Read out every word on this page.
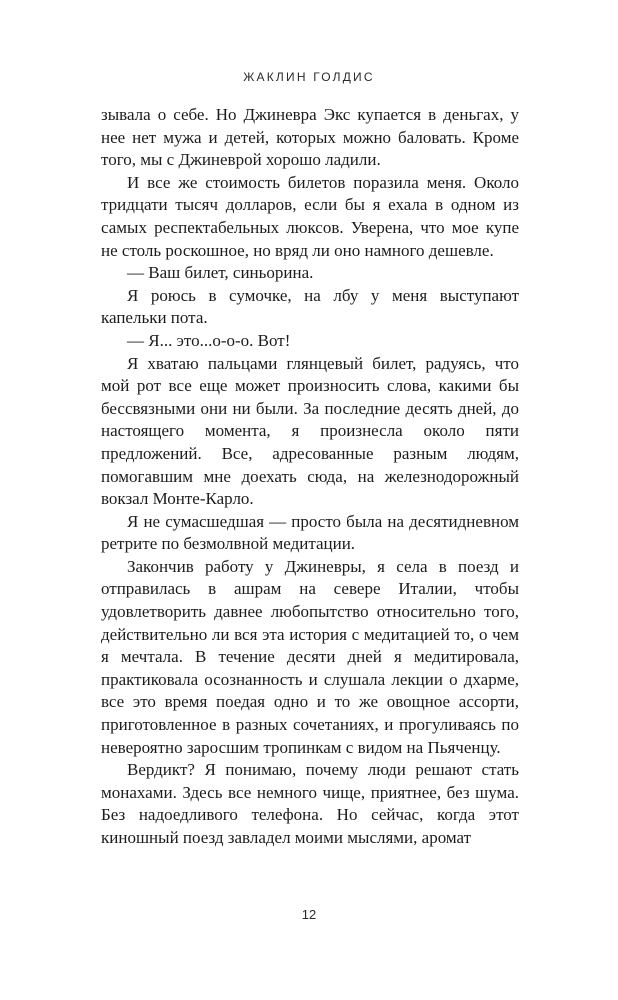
ЖАКЛИН ГОЛДИС

зывала о себе. Но Джиневра Экс купается в деньгах, у нее нет мужа и детей, которых можно баловать. Кроме того, мы с Джиневрой хорошо ладили.

И все же стоимость билетов поразила меня. Около тридцати тысяч долларов, если бы я ехала в одном из самых респектабельных люксов. Уверена, что мое купе не столь роскошное, но вряд ли оно намного дешевле.

— Ваш билет, синьорина.

Я роюсь в сумочке, на лбу у меня выступают капельки пота.

— Я... это...о-о-о. Вот!

Я хватаю пальцами глянцевый билет, радуясь, что мой рот все еще может произносить слова, какими бы бессвязными они ни были. За последние десять дней, до настоящего момента, я произнесла около пяти предложений. Все, адресованные разным людям, помогавшим мне доехать сюда, на железнодорожный вокзал Монте-Карло.

Я не сумасшедшая — просто была на десятидневном ретрите по безмолвной медитации.

Закончив работу у Джиневры, я села в поезд и отправилась в ашрам на севере Италии, чтобы удовлетворить давнее любопытство относительно того, действительно ли вся эта история с медитацией то, о чем я мечтала. В течение десяти дней я медитировала, практиковала осознанность и слушала лекции о дхарме, все это время поедая одно и то же овощное ассорти, приготовленное в разных сочетаниях, и прогуливаясь по невероятно заросшим тропинкам с видом на Пьяченцу.

Вердикт? Я понимаю, почему люди решают стать монахами. Здесь все немного чище, приятнее, без шума. Без надоедливого телефона. Но сейчас, когда этот киношный поезд завладел моими мыслями, аромат

12
